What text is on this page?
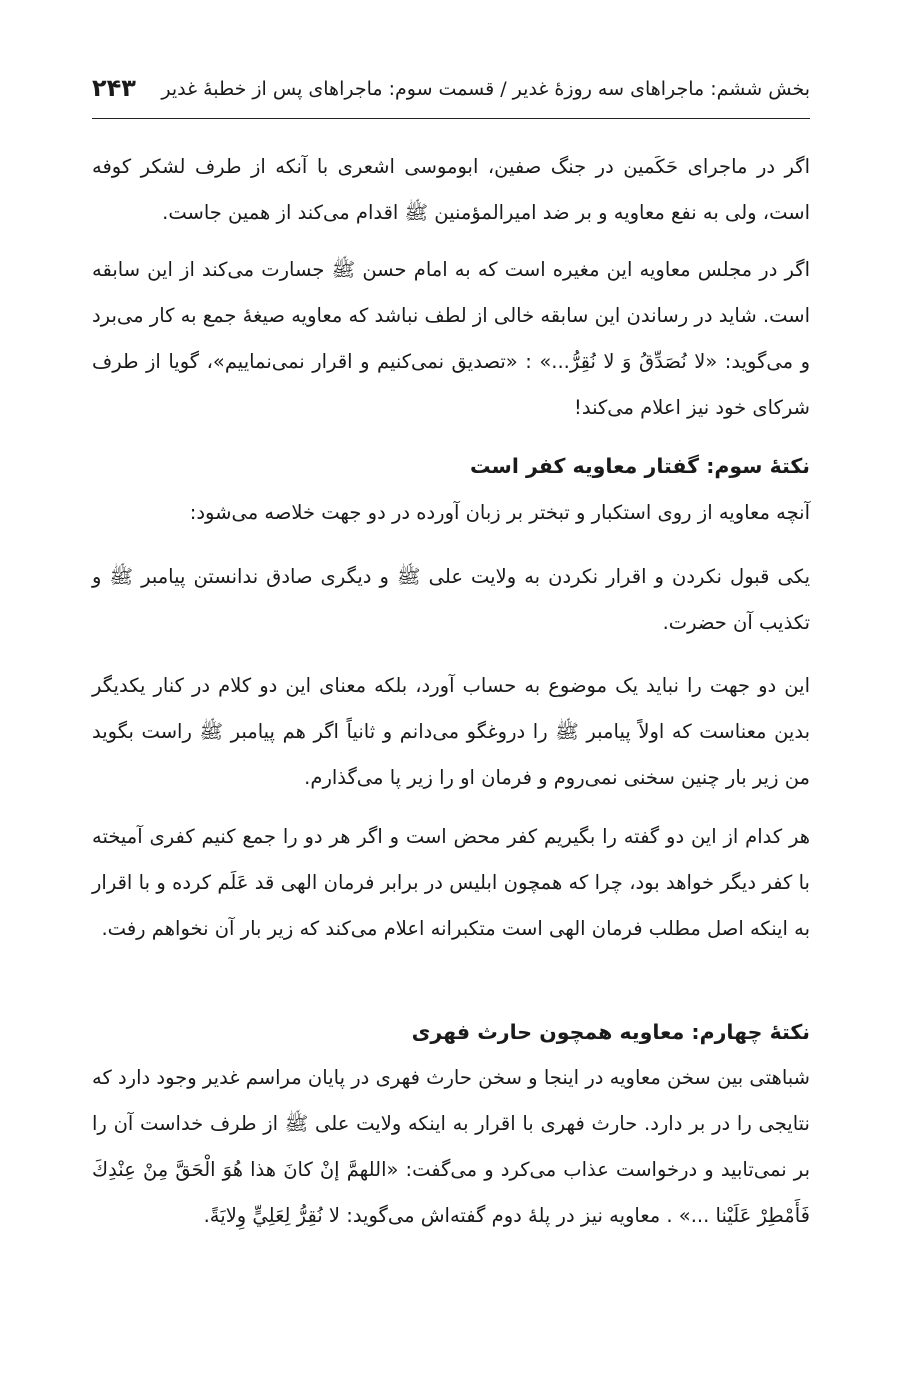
بخش ششم: ماجراهای سه روزهٔ غدیر / قسمت سوم: ماجراهای پس از خطبهٔ غدیر
۲۴۳
اگر در ماجرای حَکَمین در جنگ صفین، ابوموسی اشعری با آنکه از طرف لشکر کوفه است، ولی به نفع معاویه و بر ضد امیرالمؤمنین ﷺ اقدام می‌کند از همین جاست.
اگر در مجلس معاویه این مغیره است که به امام حسن ﷺ جسارت می‌کند از این سابقه است. شاید در رساندن این سابقه خالی از لطف نباشد که معاویه صیغهٔ جمع به کار می‌برد و می‌گوید: «لا نُصَدِّقُ وَ لا نُقِرُّ...» : «تصدیق نمی‌کنیم و اقرار نمی‌نماییم»، گویا از طرف شرکای خود نیز اعلام می‌کند!
نکتهٔ سوم: گفتار معاویه کفر است
آنچه معاویه از روی استکبار و تبختر بر زبان آورده در دو جهت خلاصه می‌شود:
یکی قبول نکردن و اقرار نکردن به ولایت علی ﷺ و دیگری صادق ندانستن پیامبر ﷺ و تکذیب آن حضرت.
این دو جهت را نباید یک موضوع به حساب آورد، بلکه معنای این دو کلام در کنار یکدیگر بدین معناست که اولاً پیامبر ﷺ را دروغگو می‌دانم و ثانیاً اگر هم پیامبر ﷺ راست بگوید من زیر بار چنین سخنی نمی‌روم و فرمان او را زیر پا می‌گذارم.
هر کدام از این دو گفته را بگیریم کفر محض است و اگر هر دو را جمع کنیم کفری آمیخته با کفر دیگر خواهد بود، چرا که همچون ابلیس در برابر فرمان الهی قد عَلَم کرده و با اقرار به اینکه اصل مطلب فرمان الهی است متکبرانه اعلام می‌کند که زیر بار آن نخواهم رفت.
نکتهٔ چهارم: معاویه همچون حارث فهری
شباهتی بین سخن معاویه در اینجا و سخن حارث فهری در پایان مراسم غدیر وجود دارد که نتایجی را در بر دارد. حارث فهری با اقرار به اینکه ولایت علی ﷺ از طرف خداست آن را بر نمی‌تابید و درخواست عذاب می‌کرد و می‌گفت: «اللهمَّ إنْ كانَ هذا هُوَ الْحَقَّ مِنْ عِنْدِكَ فَأَمْطِرْ عَلَيْنا ...» . معاویه نیز در پلهٔ دوم گفته‌اش می‌گوید: لا نُقِرُّ لِعَلِيٍّ وِلايَةً.
